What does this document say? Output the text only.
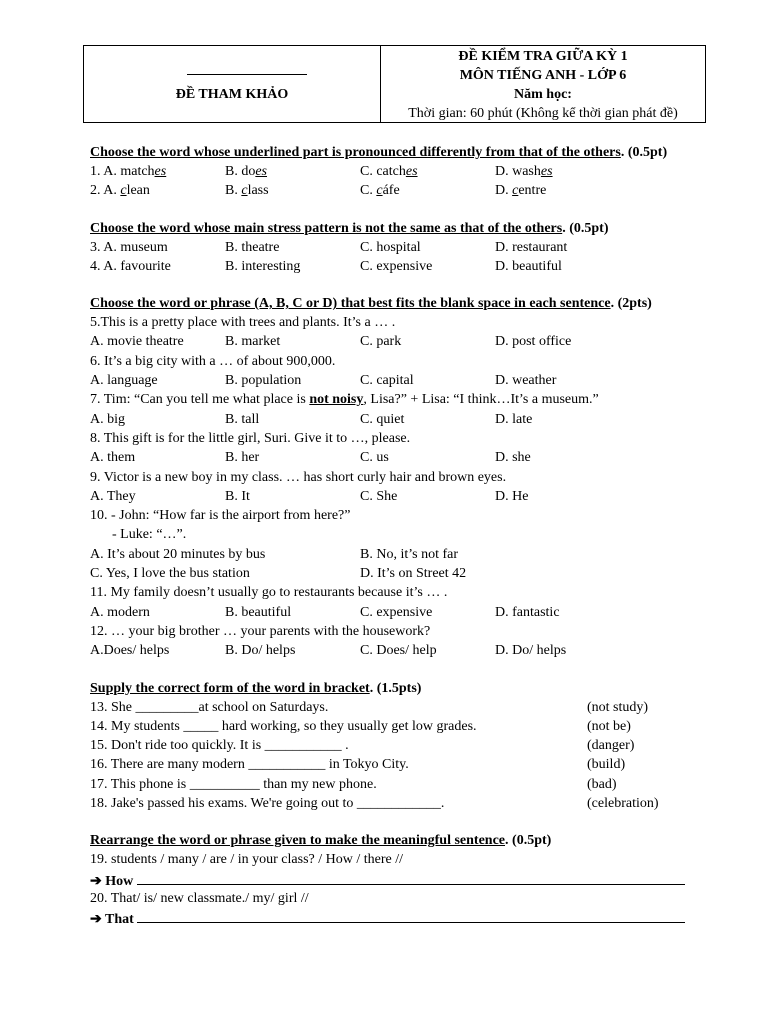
ĐỀ THAM KHẢO
ĐỀ KIỂM TRA GIỮA KỲ 1
MÔN TIẾNG ANH - LỚP 6
Năm học:
Thời gian: 60 phút (Không kể thời gian phát đề)
Choose the word whose underlined part is pronounced differently from that of the others. (0.5pt)
1. A. matches	B. does	C. catches	D. washes
2. A. clean	B. class	C. cáfe	D. centre
Choose the word whose main stress pattern is not the same as that of the others. (0.5pt)
3. A. museum	B. theatre	C. hospital	D. restaurant
4. A. favourite	B. interesting	C. expensive	D. beautiful
Choose the word or phrase (A, B, C or D) that best fits the blank space in each sentence. (2pts)
5.This is a pretty place with trees and plants. It’s a … .
A. movie theatre	B. market	C. park	D. post office
6. It’s a big city with a … of about 900,000.
A. language	B. population	C. capital	D. weather
7. Tim: “Can you tell me what place is not noisy, Lisa?” + Lisa: “I think…It’s a museum.”
A. big	B. tall	C. quiet	D. late
8. This gift is for the little girl, Suri. Give it to …, please.
A. them	B. her	C. us	D. she
9. Victor is a new boy in my class. … has short curly hair and brown eyes.
A. They	B. It	C. She	D. He
10. - John: “How far is the airport from here?”
- Luke: “…”.
A. It’s about 20 minutes by bus	B. No, it’s not far
C. Yes, I love the bus station	D. It’s on Street 42
11. My family doesn’t usually go to restaurants because it’s … .
A. modern	B. beautiful	C. expensive	D. fantastic
12. … your big brother … your parents with the housework?
A.Does/ helps	B. Do/ helps	C. Does/ help	D. Do/ helps
Supply the correct form of the word in bracket. (1.5pts)
13. She _________at school on Saturdays.	(not study)
14. My students _____ hard working, so they usually get low grades.	(not be)
15. Don't ride too quickly. It is ___________ .	(danger)
16. There are many modern ___________ in Tokyo City.	(build)
17. This phone is __________ than my new phone.	(bad)
18. Jake's passed his exams. We're going out to ____________.	(celebration)
Rearrange the word or phrase given to make the meaningful sentence. (0.5pt)
19. students / many / are / in your class? / How / there //
➔ How
20. That/ is/ new classmate./ my/ girl //
➔ That
